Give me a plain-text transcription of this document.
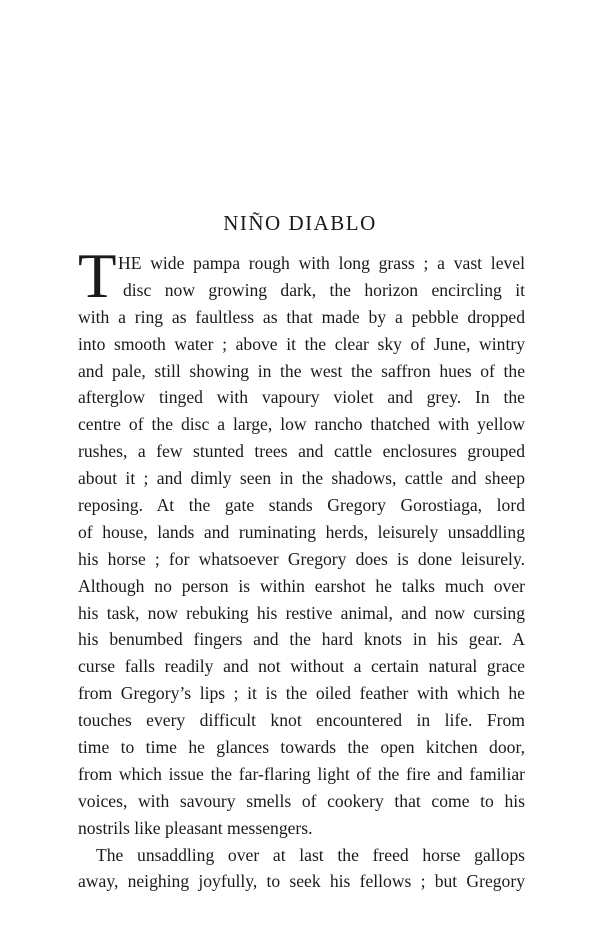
NIÑO DIABLO
T HE wide pampa rough with long grass ; a vast level
disc now growing dark, the horizon encircling it
with a ring as faultless as that made by a pebble dropped
into smooth water ; above it the clear sky of June, wintry
and pale, still showing in the west the saffron hues of the
afterglow tinged with vapoury violet and grey. In the
centre of the disc a large, low rancho thatched with yellow
rushes, a few stunted trees and cattle enclosures grouped
about it ; and dimly seen in the shadows, cattle and sheep
reposing. At the gate stands Gregory Gorostiaga, lord
of house, lands and ruminating herds, leisurely unsaddling
his horse ; for whatsoever Gregory does is done leisurely.
Although no person is within earshot he talks much over
his task, now rebuking his restive animal, and now cursing
his benumbed fingers and the hard knots in his gear. A
curse falls readily and not without a certain natural grace
from Gregory’s lips ; it is the oiled feather with which he
touches every difficult knot encountered in life. From
time to time he glances towards the open kitchen door,
from which issue the far-flaring light of the fire and familiar
voices, with savoury smells of cookery that come to his
nostrils like pleasant messengers.
The unsaddling over at last the freed horse gallops
away, neighing joyfully, to seek his fellows ; but Gregory
